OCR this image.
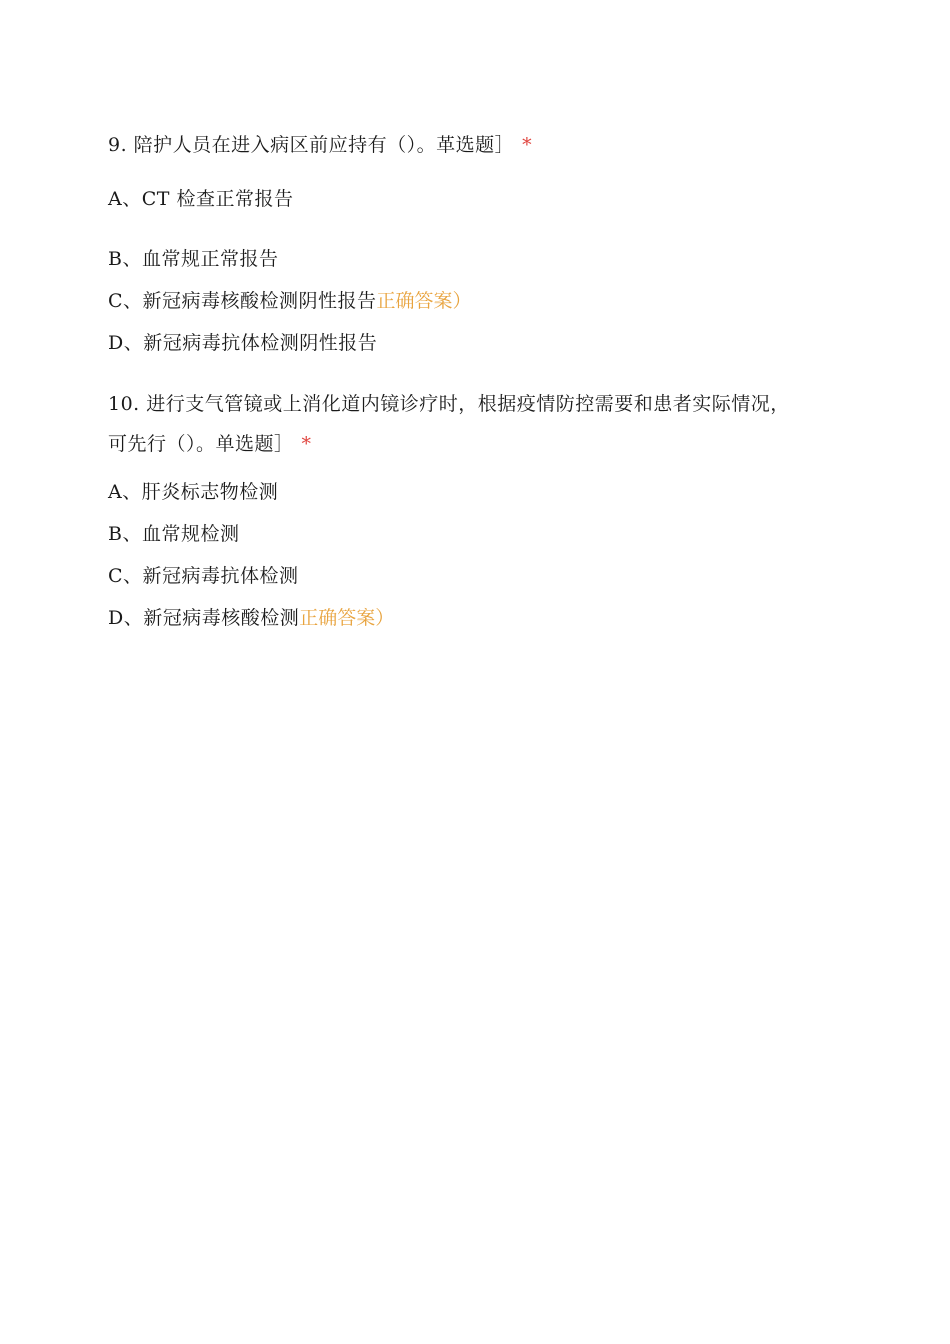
9. 陪护人员在进入病区前应持有（）。革选题］ *
A、CT 检查正常报告
B、血常规正常报告
C、新冠病毒核酸检测阴性报告正确答案）
D、新冠病毒抗体检测阴性报告
10. 进行支气管镜或上消化道内镜诊疗时，根据疫情防控需要和患者实际情况，
可先行（）。单选题］ *
A、肝炎标志物检测
B、血常规检测
C、新冠病毒抗体检测
D、新冠病毒核酸检测正确答案）
